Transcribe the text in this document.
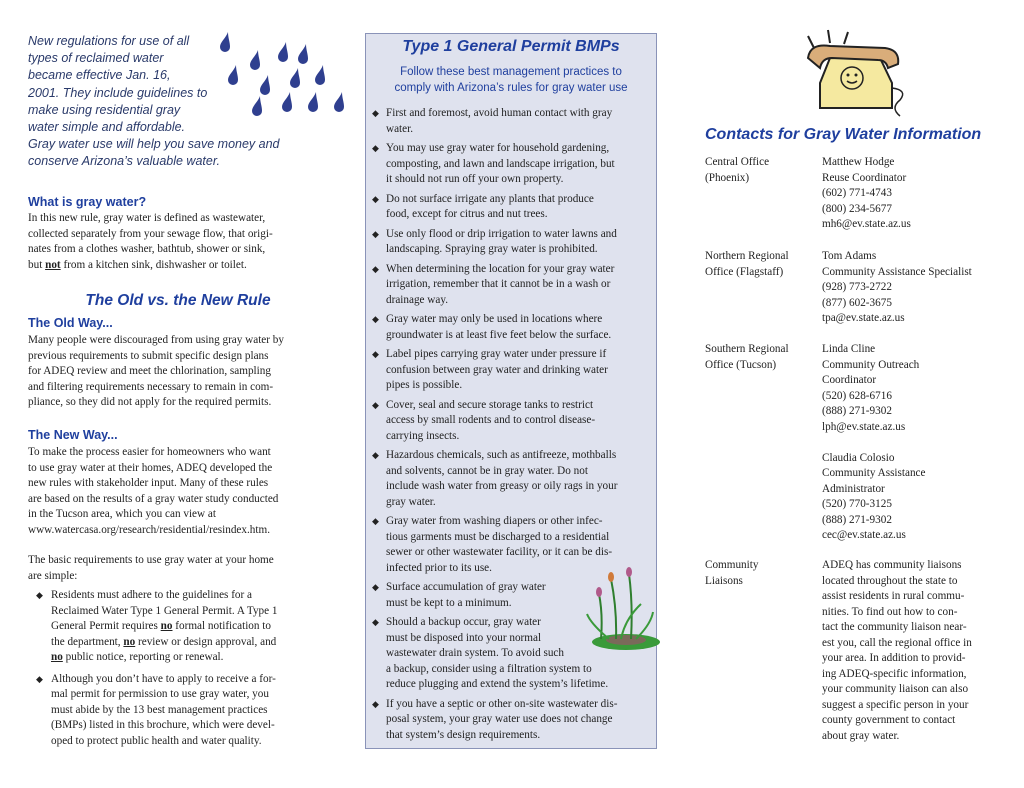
New regulations for use of all
types of reclaimed water
became effective Jan. 16,
2001. They include guidelines to
make using residential gray
water simple and affordable.
Gray water use will help you save money and
conserve Arizona’s valuable water.
What is gray water?
In this new rule, gray water is defined as wastewater,
collected separately from your sewage flow, that origi-
nates from a clothes washer, bathtub, shower or sink,
but not from a kitchen sink, dishwasher or toilet.
The Old vs. the New Rule
The Old Way...
Many people were discouraged from using gray water by
previous requirements to submit specific design plans
for ADEQ review and meet the chlorination, sampling
and filtering requirements necessary to remain in com-
pliance, so they did not apply for the required permits.
The New Way...
To make the process easier for homeowners who want
to use gray water at their homes, ADEQ developed the
new rules with stakeholder input. Many of these rules
are based on the results of a gray water study conducted
in the Tucson area, which you can view at
www.watercasa.org/research/residential/resindex.htm.
The basic requirements to use gray water at your home
are simple:
◆ Residents must adhere to the guidelines for a
Reclaimed Water Type 1 General Permit. A Type 1
General Permit requires no formal notification to
the department, no review or design approval, and
no public notice, reporting or renewal.
◆ Although you don’t have to apply to receive a for-
mal permit for permission to use gray water, you
must abide by the 13 best management practices
(BMPs) listed in this brochure, which were devel-
oped to protect public health and water quality.
Type 1 General Permit BMPs
Follow these best management practices to
comply with Arizona’s rules for gray water use
◆ First and foremost, avoid human contact with gray
water.
◆ You may use gray water for household gardening,
composting, and lawn and landscape irrigation, but
it should not run off your own property.
◆ Do not surface irrigate any plants that produce
food, except for citrus and nut trees.
◆ Use only flood or drip irrigation to water lawns and
landscaping. Spraying gray water is prohibited.
◆ When determining the location for your gray water
irrigation, remember that it cannot be in a wash or
drainage way.
◆ Gray water may only be used in locations where
groundwater is at least five feet below the surface.
◆ Label pipes carrying gray water under pressure if
confusion between gray water and drinking water
pipes is possible.
◆ Cover, seal and secure storage tanks to restrict
access by small rodents and to control disease-
carrying insects.
◆ Hazardous chemicals, such as antifreeze, mothballs
and solvents, cannot be in gray water. Do not
include wash water from greasy or oily rags in your
gray water.
◆ Gray water from washing diapers or other infec-
tious garments must be discharged to a residential
sewer or other wastewater facility, or it can be dis-
infected prior to its use.
◆ Surface accumulation of gray water
must be kept to a minimum.
◆ Should a backup occur, gray water
must be disposed into your normal
wastewater drain system. To avoid such
a backup, consider using a filtration system to
reduce plugging and extend the system’s lifetime.
◆ If you have a septic or other on-site wastewater dis-
posal system, your gray water use does not change
that system’s design requirements.
Contacts for Gray Water Information
Central Office
(Phoenix)
Matthew Hodge
Reuse Coordinator
(602) 771-4743
(800) 234-5677
mh6@ev.state.az.us
Northern Regional
Office (Flagstaff)
Tom Adams
Community Assistance Specialist
(928) 773-2722
(877) 602-3675
tpa@ev.state.az.us
Southern Regional
Office (Tucson)
Linda Cline
Community Outreach
Coordinator
(520) 628-6716
(888) 271-9302
lph@ev.state.az.us

Claudia Colosio
Community Assistance
Administrator
(520) 770-3125
(888) 271-9302
cec@ev.state.az.us
Community
Liaisons
ADEQ has community liaisons
located throughout the state to
assist residents in rural commu-
nities. To find out how to con-
tact the community liaison near-
est you, call the regional office in
your area. In addition to provid-
ing ADEQ-specific information,
your community liaison can also
suggest a specific person in your
county government to contact
about gray water.
